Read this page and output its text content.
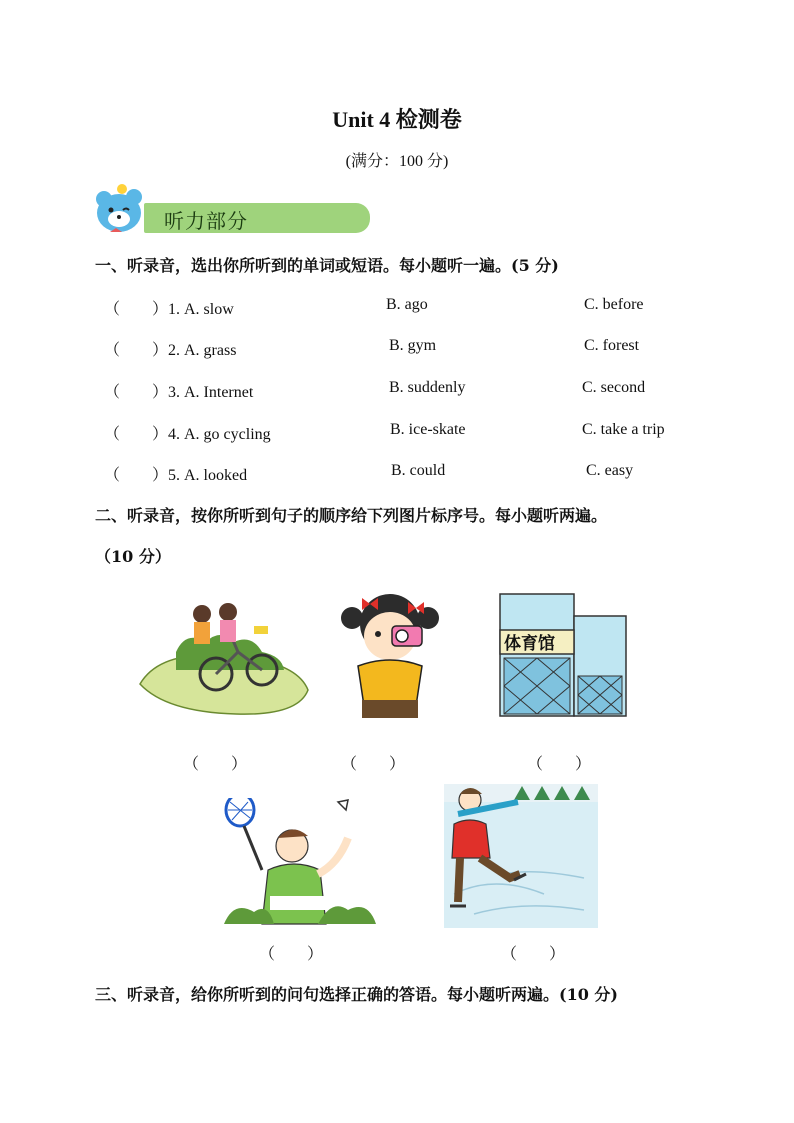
Unit 4 检测卷
(满分：100 分)
听力部分
一、听录音，选出你所听到的单词或短语。每小题听一遍。(5 分)
（　　）1. A. slow	B. ago	C. before
（　　）2. A. grass	B. gym	C. forest
（　　）3. A. Internet	B. suddenly	C. second
（　　）4. A. go cycling	B. ice-skate	C. take a trip
（　　）5. A. looked	B. could	C. easy
二、听录音，按你所听到句子的顺序给下列图片标序号。每小题听两遍。
（10 分）
体育馆
（　　）	（　　）	（　　）
（　　）	（　　）
三、听录音，给你所听到的问句选择正确的答语。每小题听两遍。(10 分)
